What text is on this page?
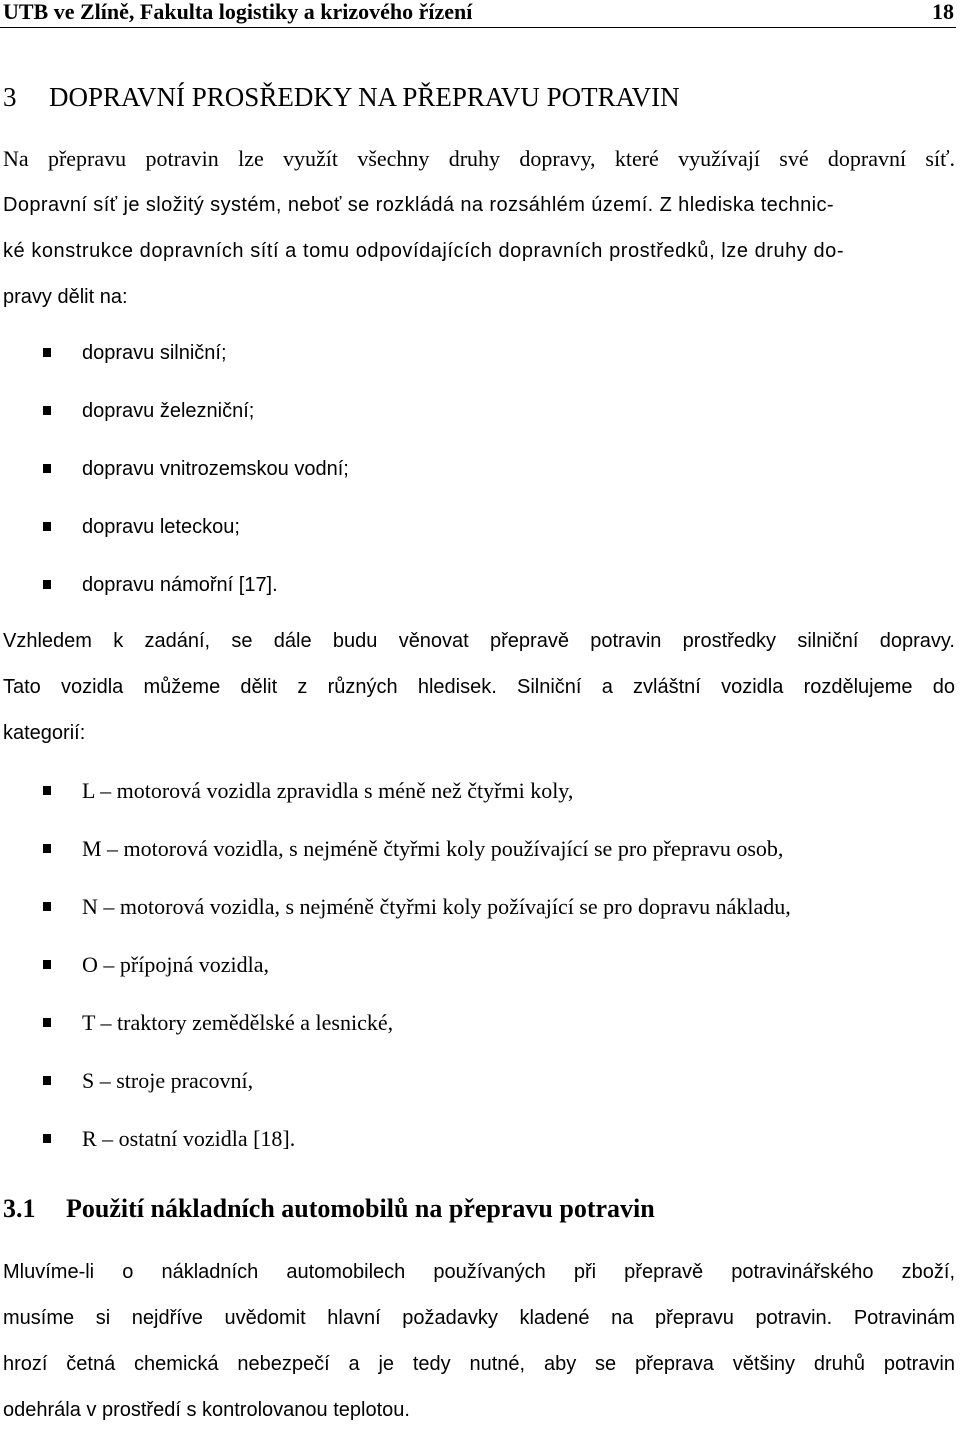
UTB ve Zlíně, Fakulta logistiky a krizového řízení	18
3 DOPRAVNÍ PROSŘEDKY NA PŘEPRAVU POTRAVIN
Na přepravu potravin lze využít všechny druhy dopravy, které využívají své dopravní síť.
Dopravní síť je složitý systém, neboť se rozkládá na rozsáhlém území. Z hlediska technic-
ké konstrukce dopravních sítí a tomu odpovídajících dopravních prostředků, lze druhy do-
pravy dělit na:
dopravu silniční;
dopravu železniční;
dopravu vnitrozemskou vodní;
dopravu leteckou;
dopravu námořní [17].
Vzhledem k zadání, se dále budu věnovat přepravě potravin prostředky silniční dopravy.
Tato vozidla můžeme dělit z různých hledisek. Silniční a zvláštní vozidla rozdělujeme do
kategorií:
L – motorová vozidla zpravidla s méně než čtyřmi koly,
M – motorová vozidla, s nejméně čtyřmi koly používající se pro přepravu osob,
N – motorová vozidla, s nejméně čtyřmi koly požívající se pro dopravu nákladu,
O – přípojná vozidla,
T – traktory zemědělské a lesnické,
S – stroje pracovní,
R – ostatní vozidla [18].
3.1 Použití nákladních automobilů na přepravu potravin
Mluvíme-li o nákladních automobilech používaných při přepravě potravinářského zboží,
musíme si nejdříve uvědomit hlavní požadavky kladené na přepravu potravin. Potravinám
hrozí četná chemická nebezpečí a je tedy nutné, aby se přeprava většiny druhů potravin
odehrála v prostředí s kontrolovanou teplotou.
